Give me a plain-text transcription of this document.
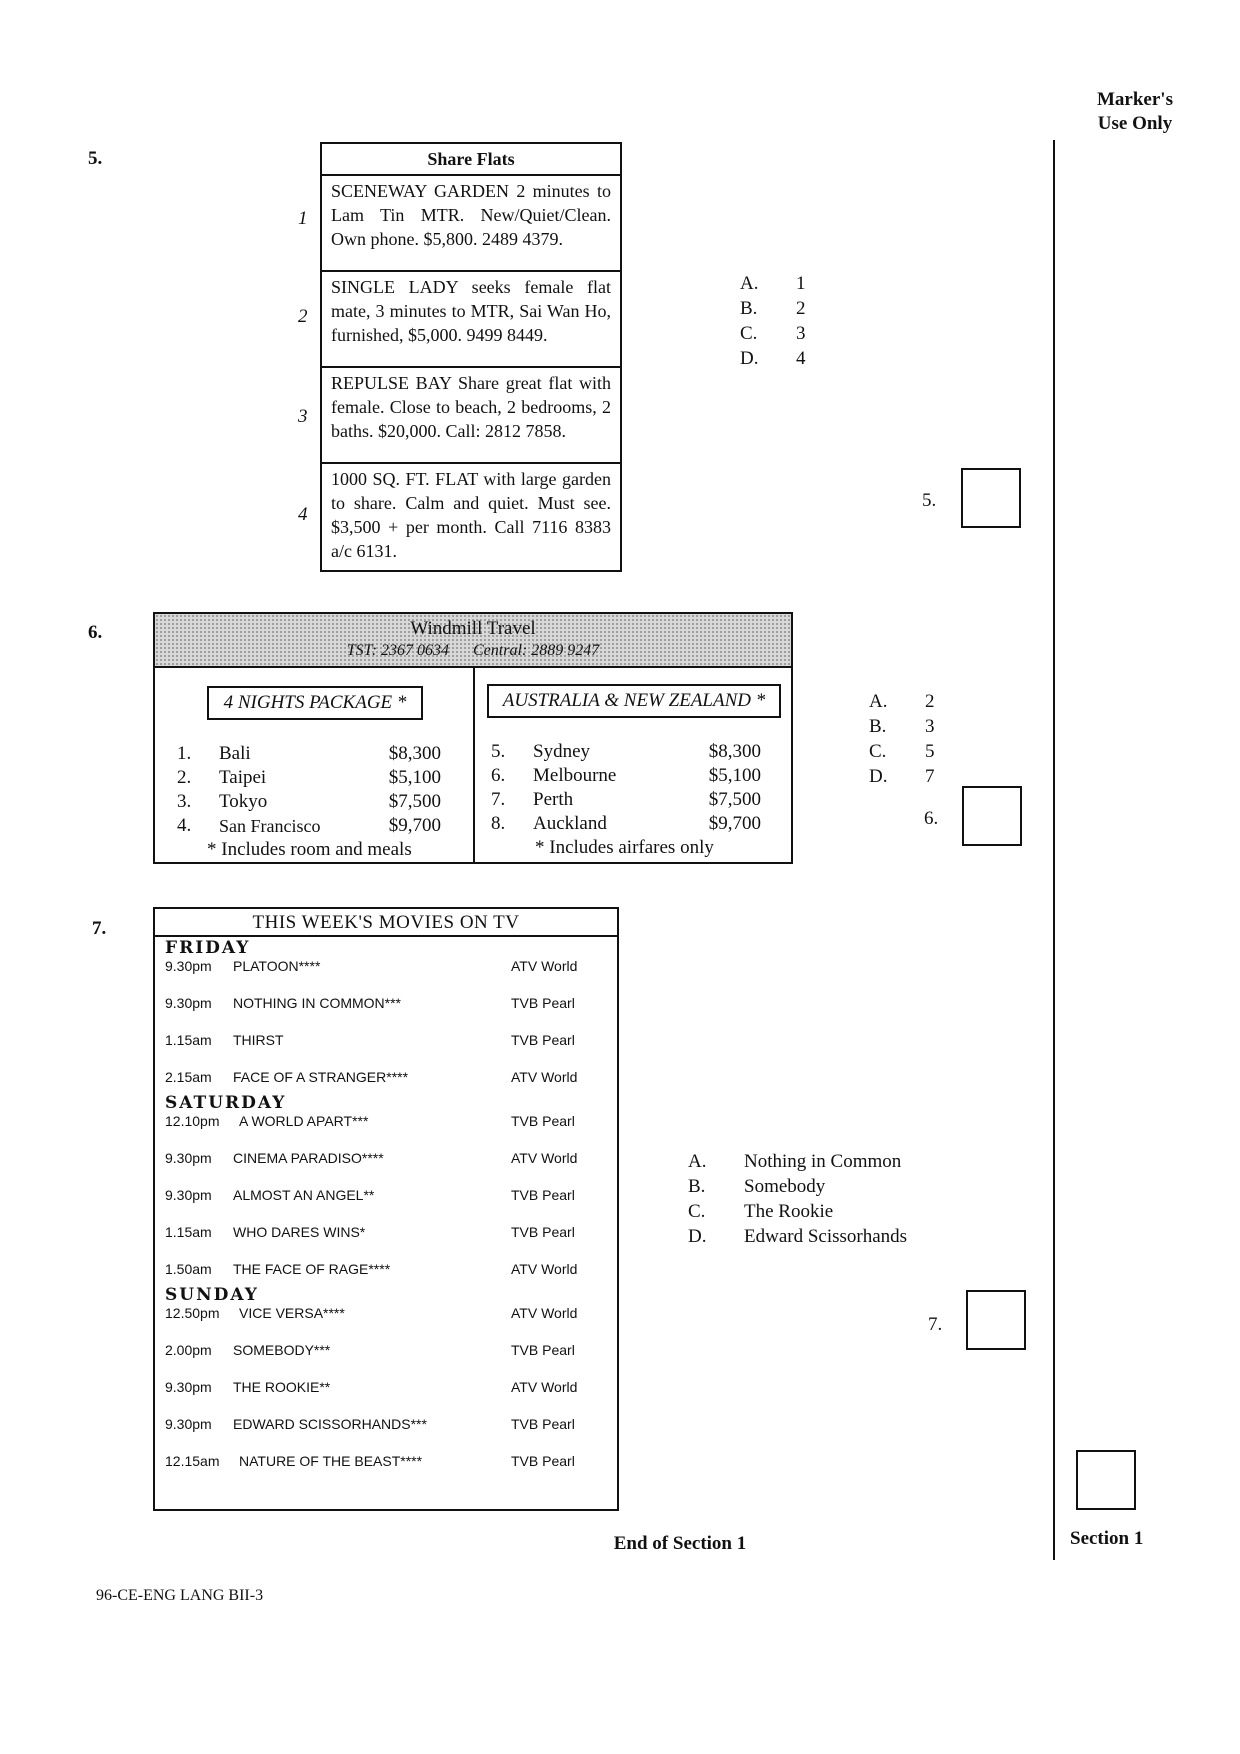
Marker's
Use Only
5.	Share Flats
SCENEWAY GARDEN 2 minutes to Lam Tin MTR. New/Quiet/Clean. Own phone. $5,800. 2489 4379.
SINGLE LADY seeks female flat mate, 3 minutes to MTR, Sai Wan Ho, furnished, $5,000. 9499 8449.
REPULSE BAY Share great flat with female. Close to beach, 2 bedrooms, 2 baths. $20,000. Call: 2812 7858.
1000 SQ. FT. FLAT with large garden to share. Calm and quiet. Must see. $3,500 + per month. Call 7116 8383 a/c 6131.
1
2
3
4
A. 1
B. 2
C. 3
D. 4
5.
6.	Windmill Travel
TST: 2367 0634      Central: 2889 9247
4 NIGHTS PACKAGE *	AUSTRALIA & NEW ZEALAND *
1. Bali	$8,300
2. Taipei	$5,100
3. Tokyo	$7,500
4. San Francisco	$9,700
* Includes room and meals
5. Sydney	$8,300
6. Melbourne	$5,100
7. Perth	$7,500
8. Auckland	$9,700
* Includes airfares only
A. 2
B. 3
C. 5
D. 7
6.
7.	THIS WEEK'S MOVIES ON TV
FRIDAY
9.30pm PLATOON****	ATV World
9.30pm NOTHING IN COMMON***	TVB Pearl
1.15am THIRST	TVB Pearl
2.15am FACE OF A STRANGER****	ATV World
SATURDAY
12.10pm A WORLD APART***	TVB Pearl
9.30pm CINEMA PARADISO****	ATV World
9.30pm ALMOST AN ANGEL**	TVB Pearl
1.15am WHO DARES WINS*	TVB Pearl
1.50am THE FACE OF RAGE****	ATV World
SUNDAY
12.50pm VICE VERSA****	ATV World
2.00pm SOMEBODY***	TVB Pearl
9.30pm THE ROOKIE**	ATV World
9.30pm EDWARD SCISSORHANDS***	TVB Pearl
12.15am NATURE OF THE BEAST****	TVB Pearl
A. Nothing in Common
B. Somebody
C. The Rookie
D. Edward Scissorhands
7.
End of Section 1	Section 1
96-CE-ENG LANG BII-3
